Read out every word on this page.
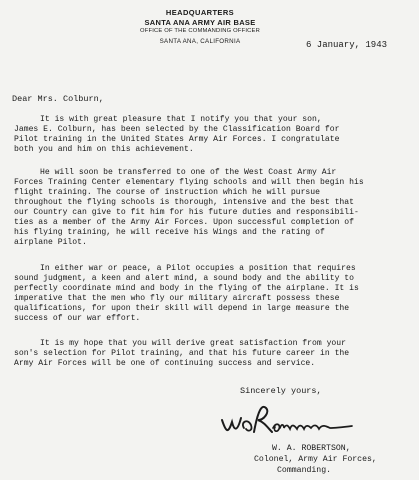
HEADQUARTERS
SANTA ANA ARMY AIR BASE
OFFICE OF THE COMMANDING OFFICER
SANTA ANA, CALIFORNIA	6 January, 1943
Dear Mrs. Colburn,
It is with great pleasure that I notify you that your son,
James E. Colburn, has been selected by the Classification Board for
Pilot training in the United States Army Air Forces. I congratulate
both you and him on this achievement.
He will soon be transferred to one of the West Coast Army Air
Forces Training Center elementary flying schools and will then begin his
flight training. The course of instruction which he will pursue
throughout the flying schools is thorough, intensive and the best that
our Country can give to fit him for his future duties and responsibili-
ties as a member of the Army Air Forces. Upon successful completion of
his flying training, he will receive his Wings and the rating of
airplane Pilot.
In either war or peace, a Pilot occupies a position that requires
sound judgment, a keen and alert mind, a sound body and the ability to
perfectly coordinate mind and body in the flying of the airplane. It is
imperative that the men who fly our military aircraft possess these
qualifications, for upon their skill will depend in large measure the
success of our war effort.
It is my hope that you will derive great satisfaction from your
son's selection for Pilot training, and that his future career in the
Army Air Forces will be one of continuing success and service.
Sincerely yours,
W. A. ROBERTSON,
Colonel, Army Air Forces,
Commanding.
